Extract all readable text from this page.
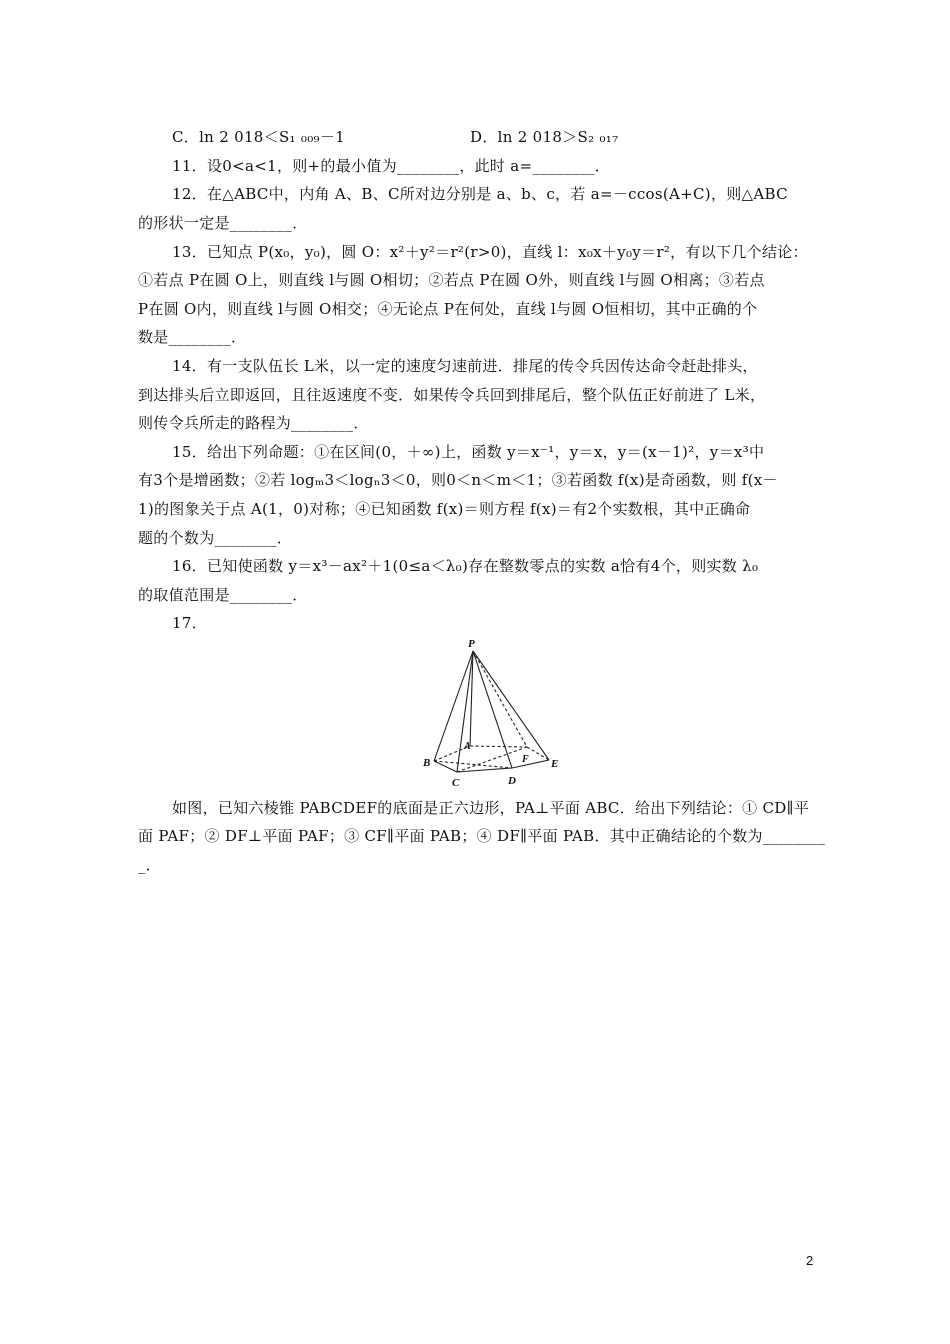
C．ln 2 018＜S₁ ₀₀₉－1	D．ln 2 018＞S₂ ₀₁₇
11．设0<a<1，则+的最小值为________，此时 a=________．
12．在△ABC中，内角 A、B、C所对边分别是 a、b、c，若 a=－ccos(A+C)，则△ABC
的形状一定是________．
13．已知点 P(x₀，y₀)，圆 O：x²＋y²＝r²(r>0)，直线 l：x₀x＋y₀y＝r²，有以下几个结论：
①若点 P在圆 O上，则直线 l与圆 O相切；②若点 P在圆 O外，则直线 l与圆 O相离；③若点
P在圆 O内，则直线 l与圆 O相交；④无论点 P在何处，直线 l与圆 O恒相切，其中正确的个
数是________．
14．有一支队伍长 L米，以一定的速度匀速前进．排尾的传令兵因传达命令赶赴排头，
到达排头后立即返回，且往返速度不变．如果传令兵回到排尾后，整个队伍正好前进了 L米，
则传令兵所走的路程为________．
15．给出下列命题：①在区间(0，＋∞)上，函数 y＝x⁻¹，y＝x，y＝(x－1)²，y＝x³中
有3个是增函数；②若 logₘ3＜logₙ3＜0，则0＜n＜m＜1；③若函数 f(x)是奇函数，则 f(x－
1)的图象关于点 A(1，0)对称；④已知函数 f(x)＝则方程 f(x)＝有2个实数根，其中正确命
题的个数为________．
16．已知使函数 y＝x³－ax²＋1(0≤a＜λ₀)存在整数零点的实数 a恰有4个，则实数 λ₀
的取值范围是________．
17．
P
A
B
C	D
E
F
如图，已知六棱锥 PABCDEF的底面是正六边形，PA⊥平面 ABC．给出下列结论：① CD∥平
面 PAF；② DF⊥平面 PAF；③ CF∥平面 PAB；④ DF∥平面 PAB．其中正确结论的个数为________
_．
2
